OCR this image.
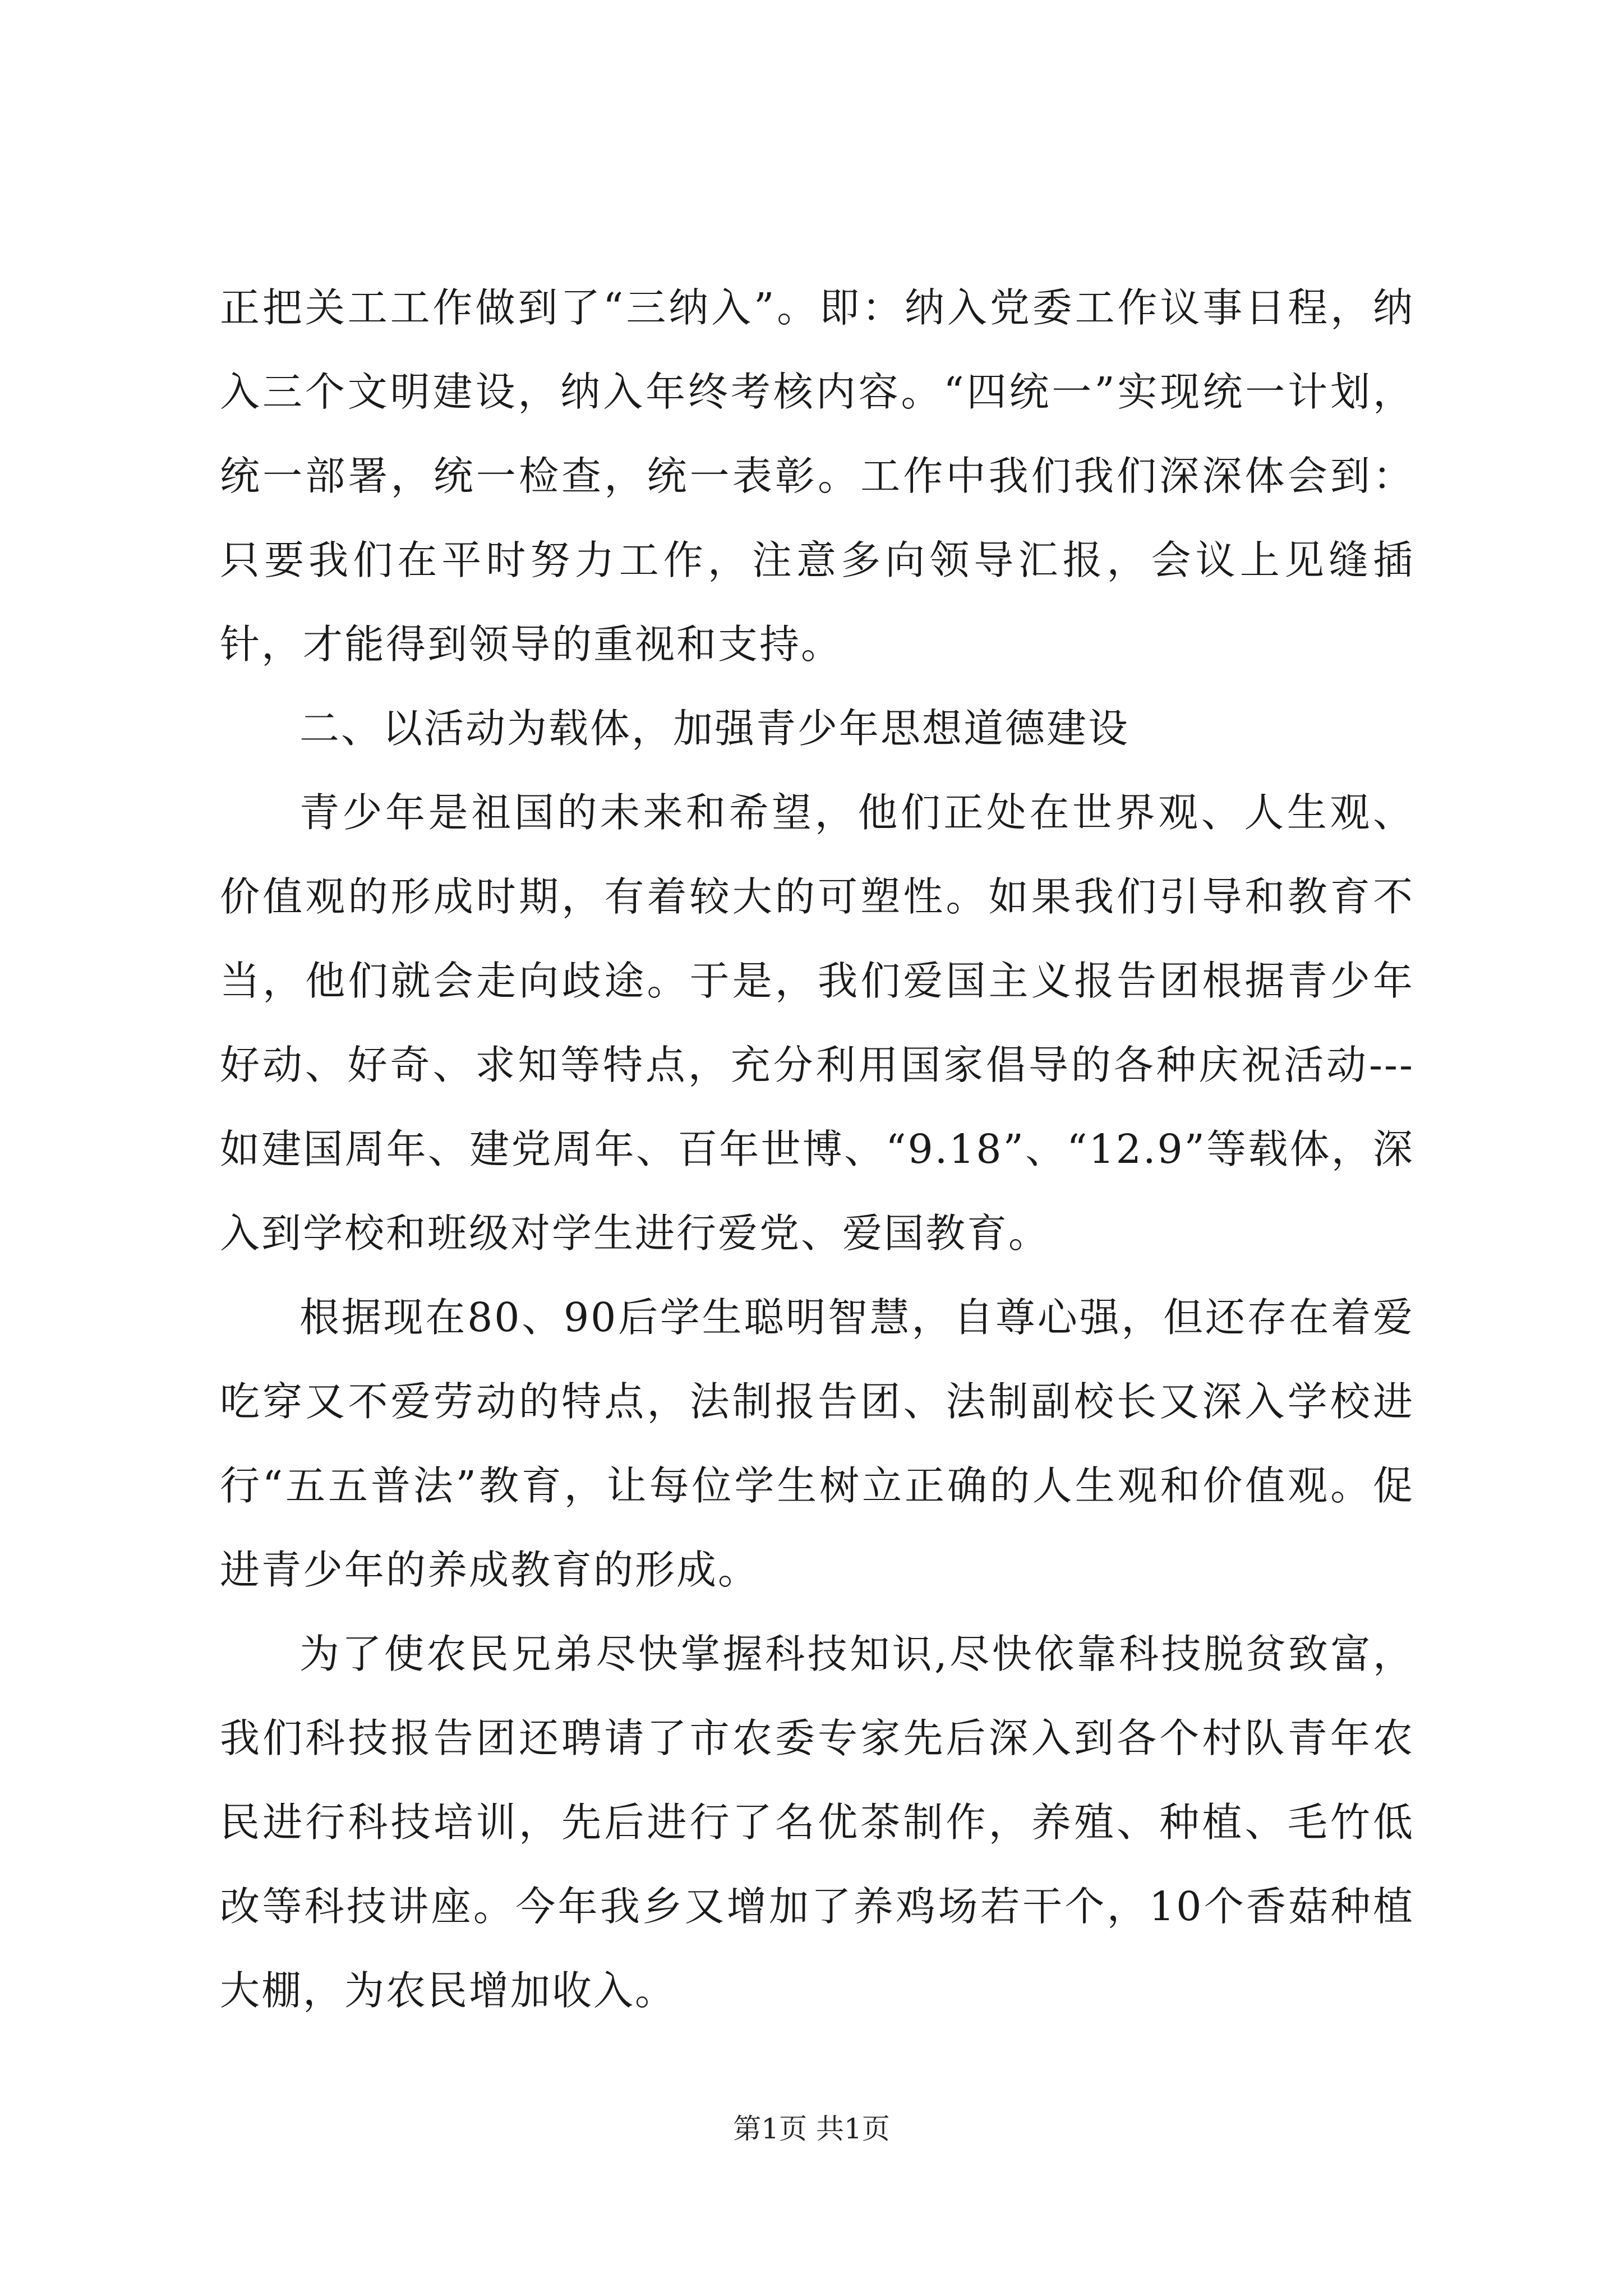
正把关工工作做到了“三纳入”。即：纳入党委工作议事日程，纳入三个文明建设，纳入年终考核内容。“四统一”实现统一计划，统一部署，统一检查，统一表彰。工作中我们我们深深体会到：只要我们在平时努力工作，注意多向领导汇报，会议上见缝插针，才能得到领导的重视和支持。

二、以活动为载体，加强青少年思想道德建设

青少年是祖国的未来和希望，他们正处在世界观、人生观、价值观的形成时期，有着较大的可塑性。如果我们引导和教育不当，他们就会走向歧途。于是，我们爱国主义报告团根据青少年好动、好奇、求知等特点，充分利用国家倡导的各种庆祝活动---如建国周年、建党周年、百年世博、“9.18”、“12.9”等载体，深入到学校和班级对学生进行爱党、爱国教育。

根据现在80、90后学生聪明智慧，自尊心强，但还存在着爱吃穿又不爱劳动的特点，法制报告团、法制副校长又深入学校进行“五五普法”教育，让每位学生树立正确的人生观和价值观。促进青少年的养成教育的形成。

为了使农民兄弟尽快掌握科技知识,尽快依靠科技脱贫致富，我们科技报告团还聘请了市农委专家先后深入到各个村队青年农民进行科技培训，先后进行了名优茶制作，养殖、种植、毛竹低改等科技讲座。今年我乡又增加了养鸡场若干个，10个香菇种植大棚，为农民增加收入。

第1页 共1页
